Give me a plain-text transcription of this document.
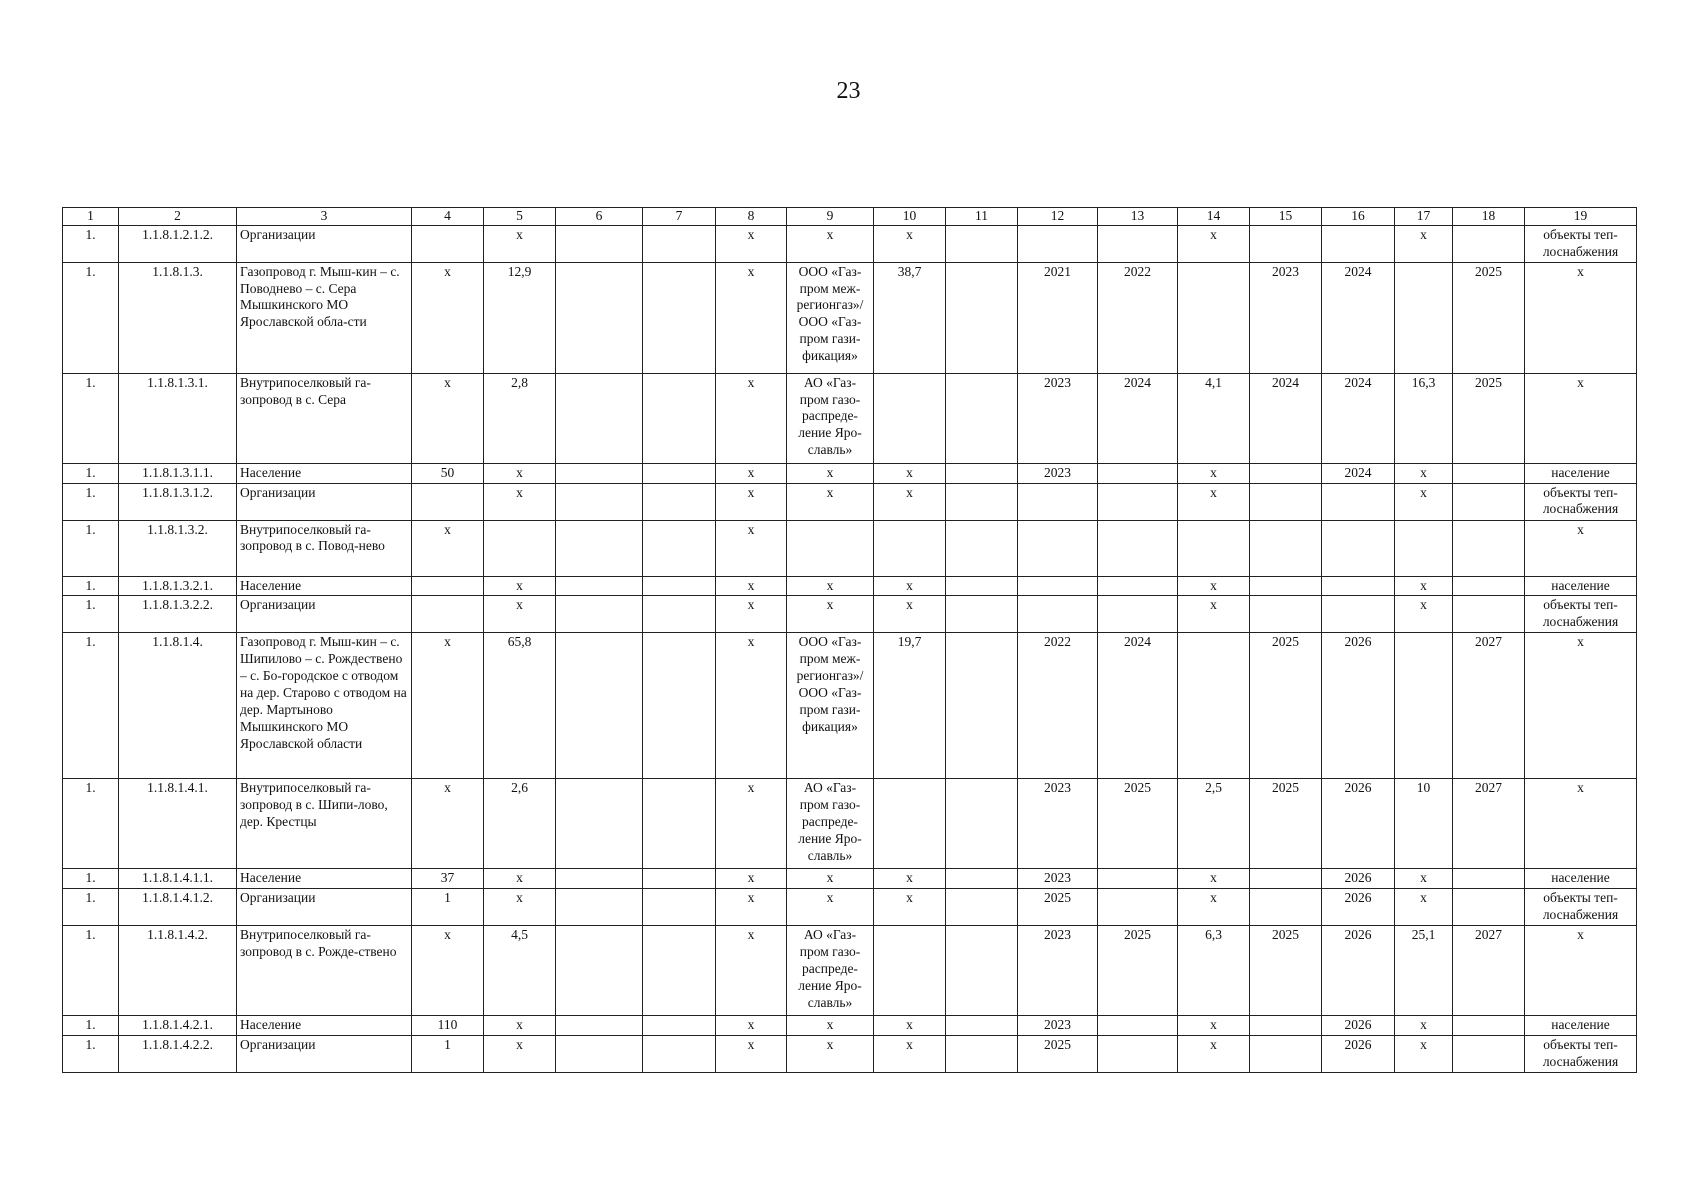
23
1	2	3	4	5	6	7	8	9	10	11	12	13	14	15	16	17	18	19
1.	1.1.8.1.2.1.2.	Организации		х			х	х	х				х			х		объекты теп-лоснабжения
1.	1.1.8.1.3.	Газопровод г. Мыш-кин – с. Поводнево – с. Сера Мышкинского МО Ярославской обла-сти	х	12,9			х	ООО «Газ-пром меж-регионгаз»/ ООО «Газ-пром гази-фикация»	38,7		2021	2022		2023	2024		2025	х
1.	1.1.8.1.3.1.	Внутрипоселковый га-зопровод в с. Сера	х	2,8			х	АО «Газ-пром газо-распреде-ление Яро-славль»			2023	2024	4,1	2024	2024	16,3	2025	х
1.	1.1.8.1.3.1.1.	Население	50	х			х	х	х		2023		х		2024	х		население
1.	1.1.8.1.3.1.2.	Организации		х			х	х	х				х			х		объекты теп-лоснабжения
1.	1.1.8.1.3.2.	Внутрипоселковый га-зопровод в с. Повод-нево	х				х											х
1.	1.1.8.1.3.2.1.	Население		х			х	х	х				х			х		население
1.	1.1.8.1.3.2.2.	Организации		х			х	х	х				х			х		объекты теп-лоснабжения
1.	1.1.8.1.4.	Газопровод г. Мыш-кин – с. Шипилово – с. Рождествено – с. Бо-городское с отводом на дер. Старово с отводом на дер. Мартыново Мышкинского МО Ярославской области	х	65,8			х	ООО «Газ-пром меж-регионгаз»/ ООО «Газ-пром гази-фикация»	19,7		2022	2024		2025	2026		2027	х
1.	1.1.8.1.4.1.	Внутрипоселковый га-зопровод в с. Шипи-лово, дер. Крестцы	х	2,6			х	АО «Газ-пром газо-распреде-ление Яро-славль»			2023	2025	2,5	2025	2026	10	2027	х
1.	1.1.8.1.4.1.1.	Население	37	х			х	х	х		2023		х		2026	х		население
1.	1.1.8.1.4.1.2.	Организации	1	х			х	х	х		2025		х		2026	х		объекты теп-лоснабжения
1.	1.1.8.1.4.2.	Внутрипоселковый га-зопровод в с. Рожде-ствено	х	4,5			х	АО «Газ-пром газо-распреде-ление Яро-славль»			2023	2025	6,3	2025	2026	25,1	2027	х
1.	1.1.8.1.4.2.1.	Население	110	х			х	х	х		2023		х		2026	х		население
1.	1.1.8.1.4.2.2.	Организации	1	х			х	х	х		2025		х		2026	х		объекты теп-лоснабжения
